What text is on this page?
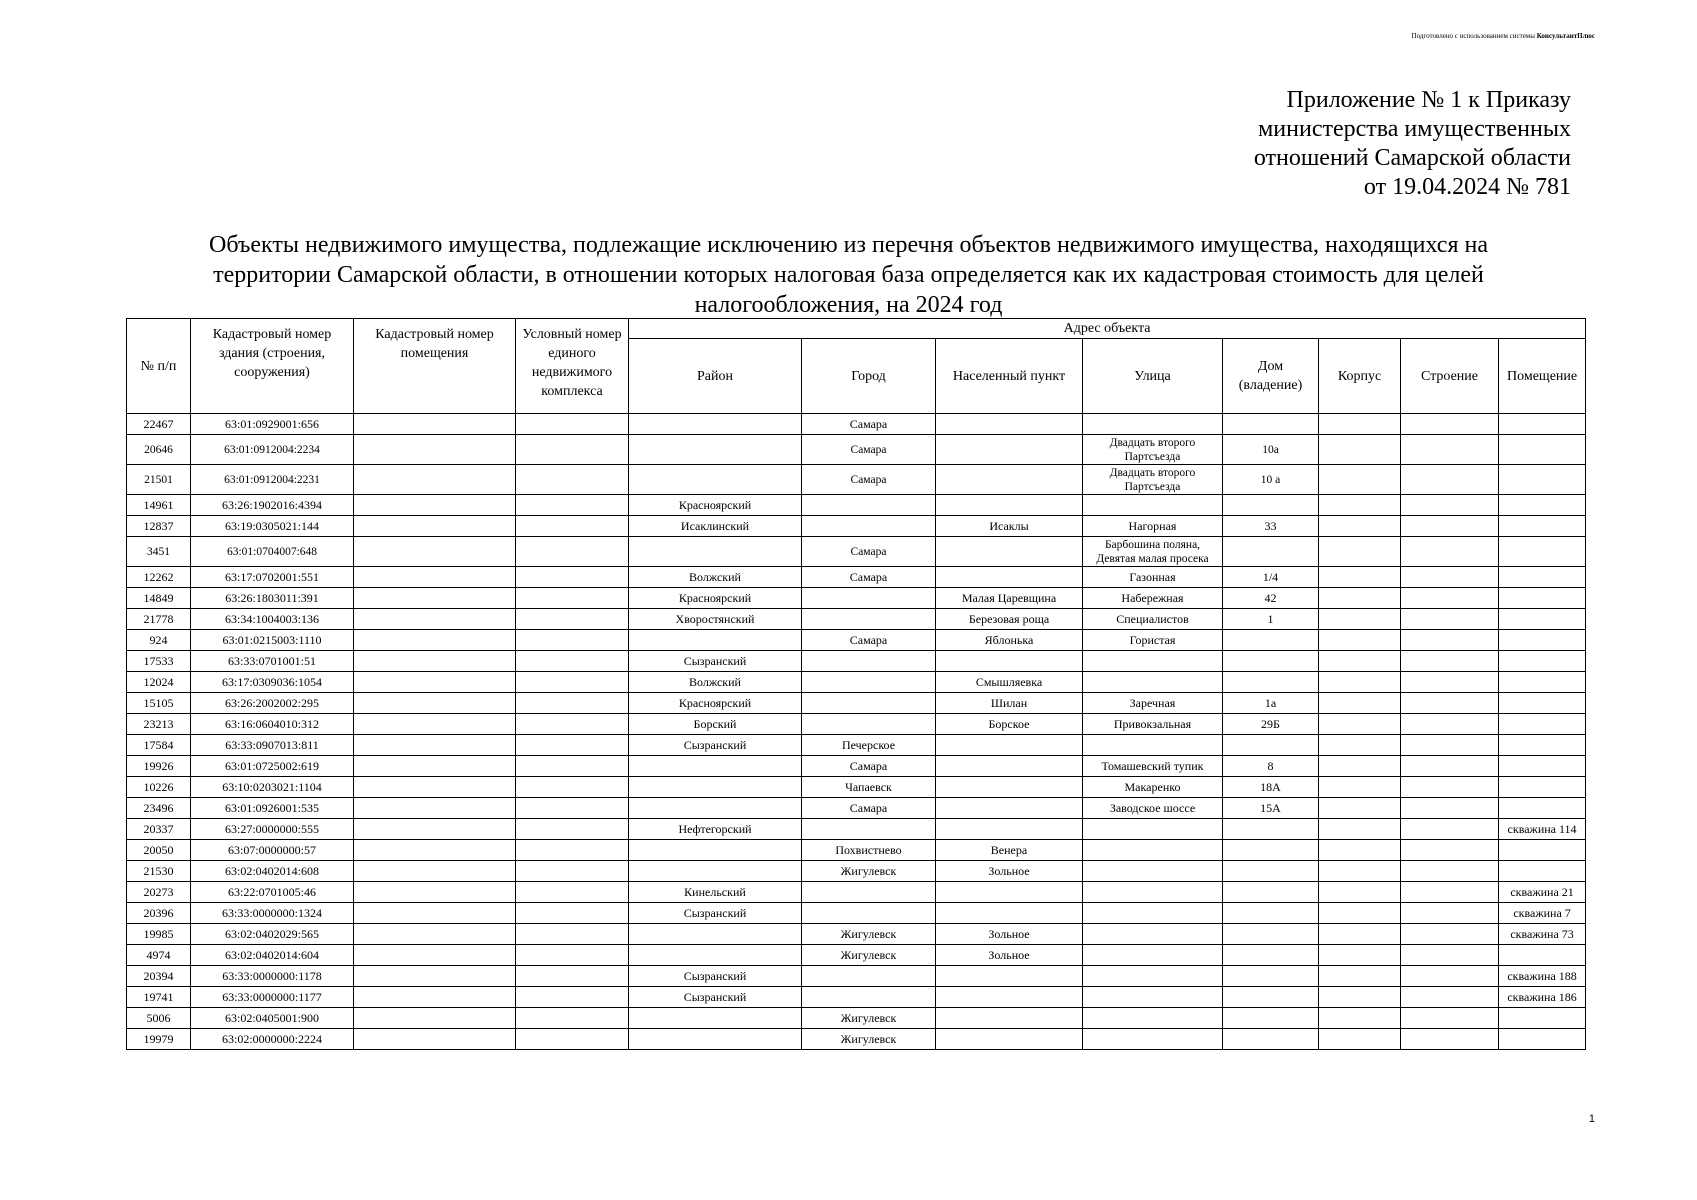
Подготовлено с использованием системы КонсультантПлюс
Приложение № 1 к Приказу
министерства имущественных
отношений Самарской области
от 19.04.2024 № 781
Объекты недвижимого имущества, подлежащие исключению из перечня объектов недвижимого имущества, находящихся на
территории Самарской области, в отношении которых налоговая база определяется как их кадастровая стоимость для целей
налогообложения, на 2024 год
№ п/п	Кадастровый номер здания (строения, сооружения)	Кадастровый номер помещения	Условный номер единого недвижимого комплекса	Адрес объекта							
				Район	Город	Населенный пункт	Улица	Дом (владение)	Корпус	Строение	Помещение
22467	63:01:0929001:656				Самара						
20646	63:01:0912004:2234				Самара		Двадцать второго Партсъезда	10а			
21501	63:01:0912004:2231				Самара		Двадцать второго Партсъезда	10 а			
14961	63:26:1902016:4394			Красноярский							
12837	63:19:0305021:144			Исаклинский		Исаклы	Нагорная	33			
3451	63:01:0704007:648				Самара		Барбошина поляна, Девятая малая просека				
12262	63:17:0702001:551			Волжский	Самара		Газонная	1/4			
14849	63:26:1803011:391			Красноярский		Малая Царевщина	Набережная	42			
21778	63:34:1004003:136			Хворостянский		Березовая роща	Специалистов	1			
924	63:01:0215003:1110				Самара	Яблонька	Гористая				
17533	63:33:0701001:51			Сызранский							
12024	63:17:0309036:1054			Волжский		Смышляевка					
15105	63:26:2002002:295			Красноярский		Шилан	Заречная	1а			
23213	63:16:0604010:312			Борский		Борское	Привокзальная	29Б			
17584	63:33:0907013:811			Сызранский	Печерское						
19926	63:01:0725002:619				Самара		Томашевский тупик	8			
10226	63:10:0203021:1104				Чапаевск		Макаренко	18А			
23496	63:01:0926001:535				Самара		Заводское шоссе	15А			
20337	63:27:0000000:555			Нефтегорский							скважина 114
20050	63:07:0000000:57				Похвистнево	Венера					
21530	63:02:0402014:608				Жигулевск	Зольное					
20273	63:22:0701005:46			Кинельский							скважина 21
20396	63:33:0000000:1324			Сызранский							скважина 7
19985	63:02:0402029:565				Жигулевск	Зольное					скважина 73
4974	63:02:0402014:604				Жигулевск	Зольное					
20394	63:33:0000000:1178			Сызранский							скважина 188
19741	63:33:0000000:1177			Сызранский							скважина 186
5006	63:02:0405001:900				Жигулевск						
19979	63:02:0000000:2224				Жигулевск						
1
